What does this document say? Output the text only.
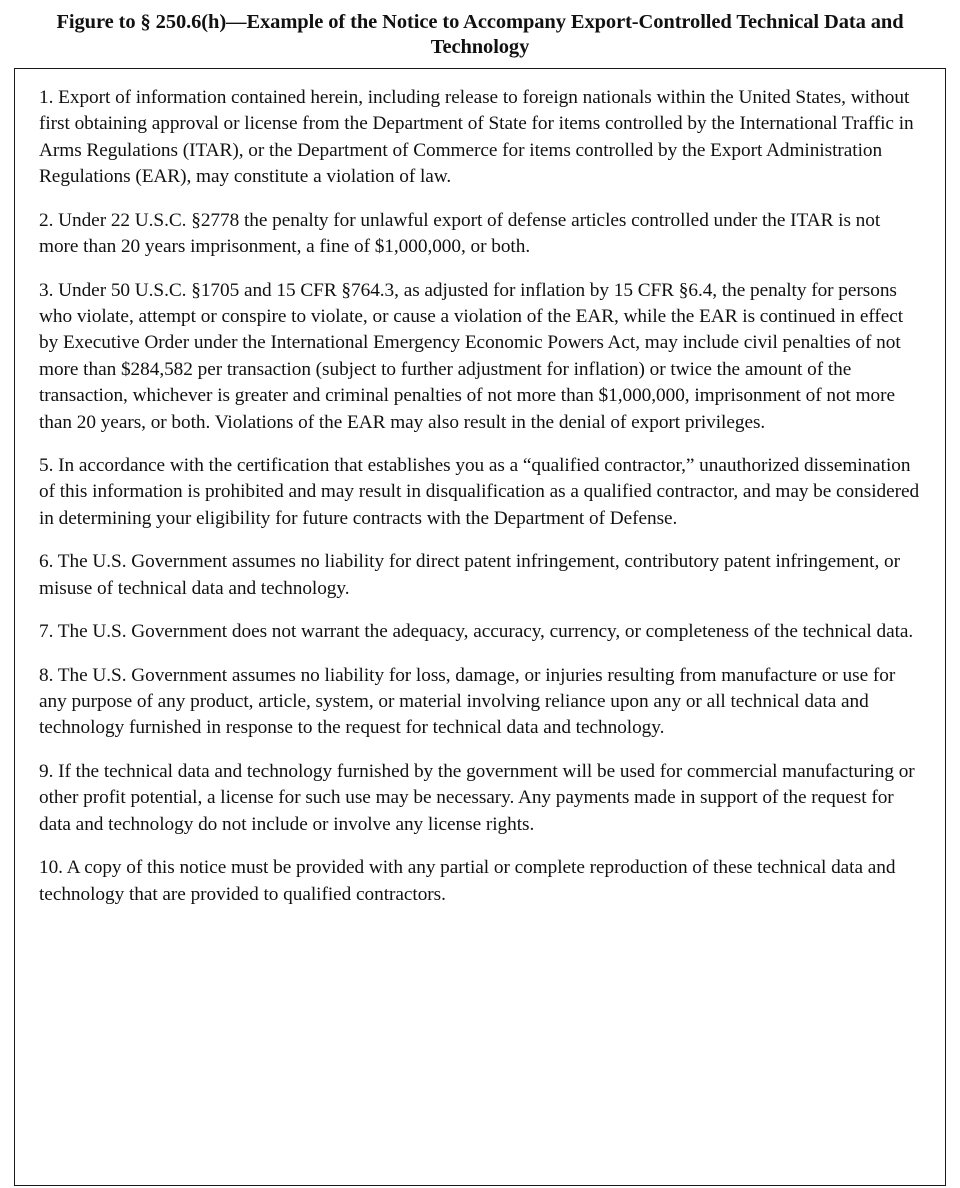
Figure to § 250.6(h)—Example of the Notice to Accompany Export-Controlled Technical Data and Technology

1. Export of information contained herein, including release to foreign nationals within the United States, without first obtaining approval or license from the Department of State for items controlled by the International Traffic in Arms Regulations (ITAR), or the Department of Commerce for items controlled by the Export Administration Regulations (EAR), may constitute a violation of law.

2. Under 22 U.S.C. §2778 the penalty for unlawful export of defense articles controlled under the ITAR is not more than 20 years imprisonment, a fine of $1,000,000, or both.

3. Under 50 U.S.C. §1705 and 15 CFR §764.3, as adjusted for inflation by 15 CFR §6.4, the penalty for persons who violate, attempt or conspire to violate, or cause a violation of the EAR, while the EAR is continued in effect by Executive Order under the International Emergency Economic Powers Act, may include civil penalties of not more than $284,582 per transaction (subject to further adjustment for inflation) or twice the amount of the transaction, whichever is greater and criminal penalties of not more than $1,000,000, imprisonment of not more than 20 years, or both. Violations of the EAR may also result in the denial of export privileges.

5. In accordance with the certification that establishes you as a “qualified contractor,” unauthorized dissemination of this information is prohibited and may result in disqualification as a qualified contractor, and may be considered in determining your eligibility for future contracts with the Department of Defense.

6. The U.S. Government assumes no liability for direct patent infringement, contributory patent infringement, or misuse of technical data and technology.

7. The U.S. Government does not warrant the adequacy, accuracy, currency, or completeness of the technical data.

8. The U.S. Government assumes no liability for loss, damage, or injuries resulting from manufacture or use for any purpose of any product, article, system, or material involving reliance upon any or all technical data and technology furnished in response to the request for technical data and technology.

9. If the technical data and technology furnished by the government will be used for commercial manufacturing or other profit potential, a license for such use may be necessary. Any payments made in support of the request for data and technology do not include or involve any license rights.

10. A copy of this notice must be provided with any partial or complete reproduction of these technical data and technology that are provided to qualified contractors.
